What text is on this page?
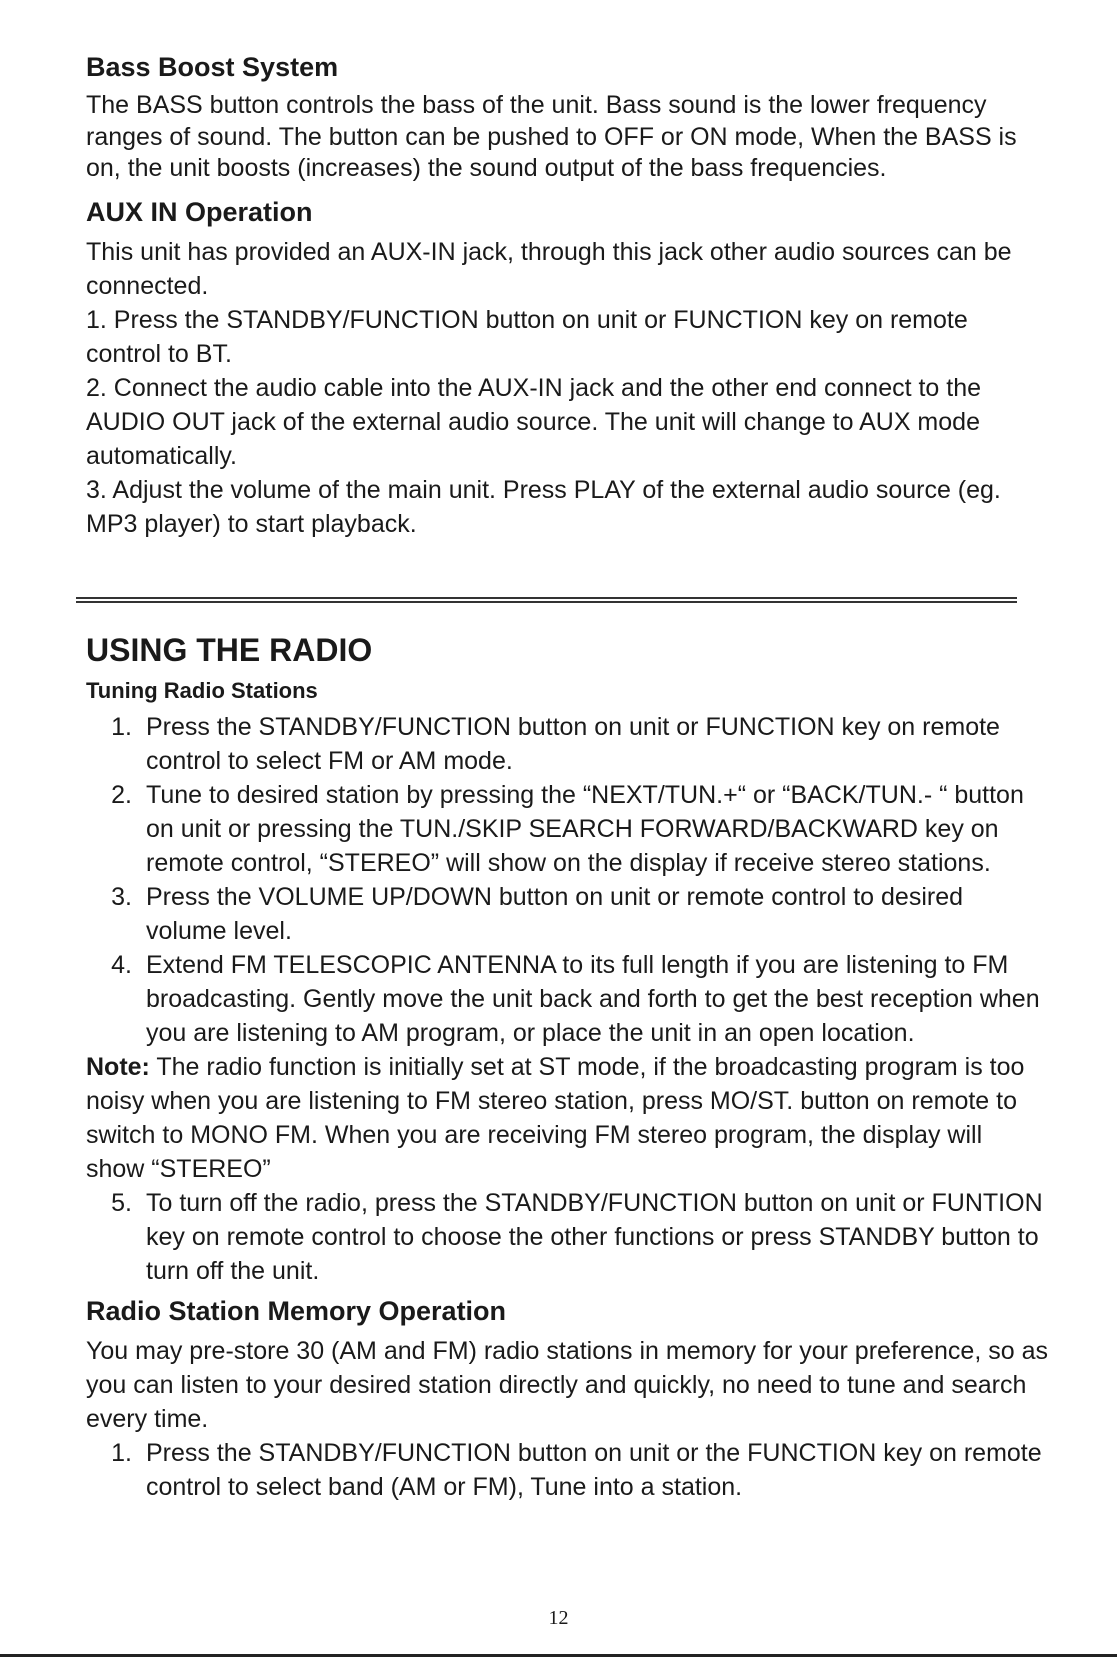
Bass Boost System

The BASS button controls the bass of the unit. Bass sound is the lower frequency ranges of sound. The button can be pushed to OFF or ON mode, When the BASS is on, the unit boosts (increases) the sound output of the bass frequencies.

AUX IN Operation

This unit has provided an AUX-IN jack, through this jack other audio sources can be connected.

1. Press the STANDBY/FUNCTION button on unit or FUNCTION key on remote control to BT.

2. Connect the audio cable into the AUX-IN jack and the other end connect to the AUDIO OUT jack of the external audio source. The unit will change to AUX mode automatically.

3. Adjust the volume of the main unit. Press PLAY of the external audio source (eg. MP3 player) to start playback.

USING THE RADIO
Tuning Radio Stations
1. Press the STANDBY/FUNCTION button on unit or FUNCTION key on remote control to select FM or AM mode.
2. Tune to desired station by pressing the “NEXT/TUN.+“ or “BACK/TUN.- “ button on unit or pressing the TUN./SKIP SEARCH FORWARD/BACKWARD key on remote control, “STEREO” will show on the display if receive stereo stations.
3. Press the VOLUME UP/DOWN button on unit or remote control to desired volume level.
4. Extend FM TELESCOPIC ANTENNA to its full length if you are listening to FM broadcasting. Gently move the unit back and forth to get the best reception when you are listening to AM program, or place the unit in an open location.

Note: The radio function is initially set at ST mode, if the broadcasting program is too noisy when you are listening to FM stereo station, press MO/ST. button on remote to switch to MONO FM. When you are receiving FM stereo program, the display will show “STEREO”

5. To turn off the radio, press the STANDBY/FUNCTION button on unit or FUNTION key on remote control to choose the other functions or press STANDBY button to turn off the unit.
Radio Station Memory Operation

You may pre-store 30 (AM and FM) radio stations in memory for your preference, so as you can listen to your desired station directly and quickly, no need to tune and search every time.

1. Press the STANDBY/FUNCTION button on unit or the FUNCTION key on remote control to select band (AM or FM), Tune into a station.
12
